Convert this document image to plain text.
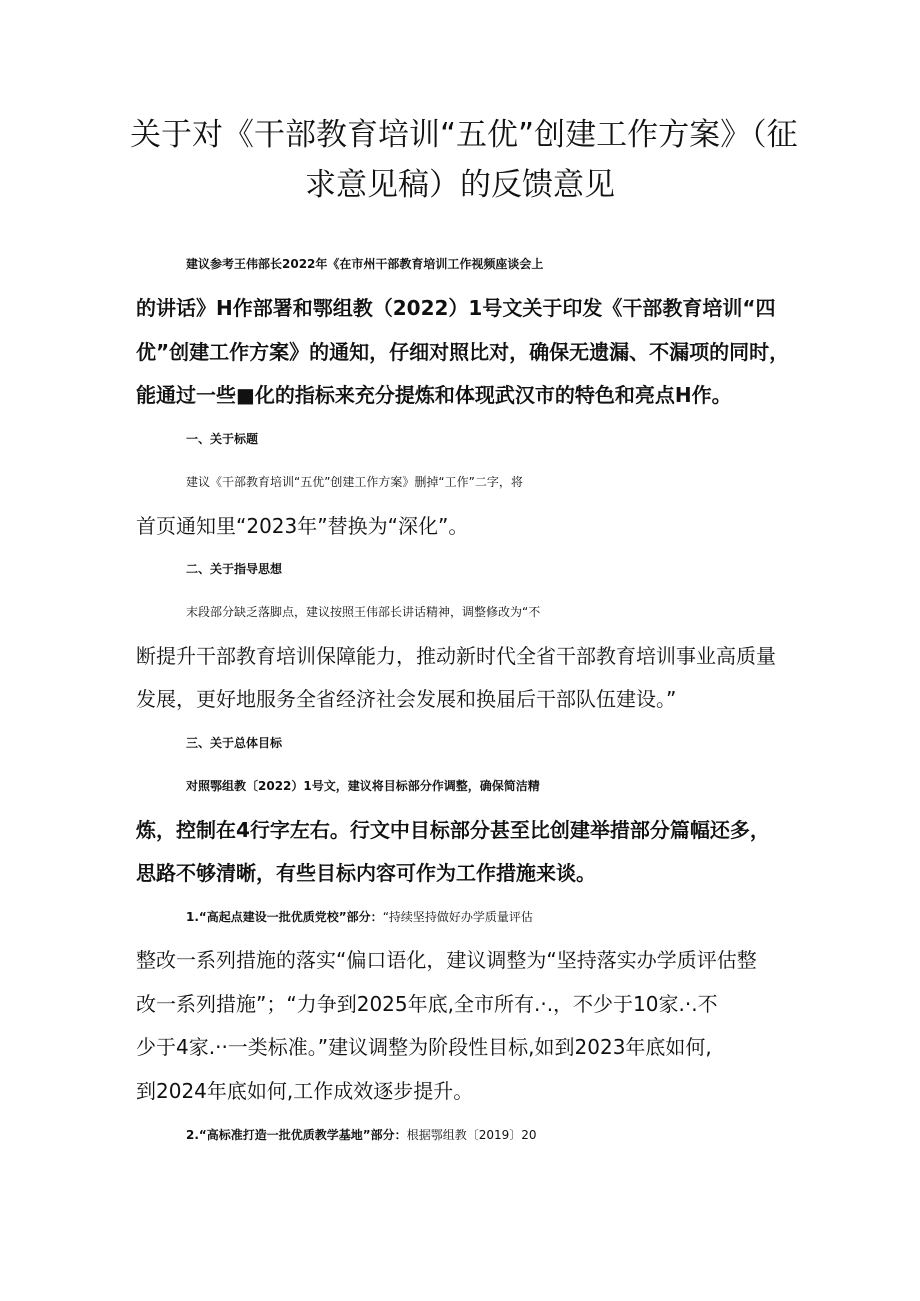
关于对《干部教育培训“五优”创建工作方案》（征
求意见稿）的反馈意见

建议参考王伟部长2022年《在市州干部教育培训工作视频座谈会上

的讲话》H作部署和鄂组教（2022）1号文关于印发《干部教育培训“四

优”创建工作方案》的通知，仔细对照比对，确保无遗漏、不漏项的同时，

能通过一些■化的指标来充分提炼和体现武汉市的特色和亮点H作。

一、关于标题

建议《干部教育培训“五优”创建工作方案》删掉“工作”二字，将

首页通知里“2023年”替换为“深化”。

二、关于指导思想

末段部分缺乏落脚点，建议按照王伟部长讲话精神，调整修改为“不

断提升干部教育培训保障能力，推动新时代全省干部教育培训事业高质量

发展，更好地服务全省经济社会发展和换届后干部队伍建设。”

三、关于总体目标

对照鄂组教〔2022）1号文，建议将目标部分作调整，确保简洁精

炼，控制在4行字左右。行文中目标部分甚至比创建举措部分篇幅还多，

思路不够清晰，有些目标内容可作为工作措施来谈。

1.“高起点建设一批优质党校”部分：“持续坚持做好办学质量评估

整改一系列措施的落实“偏口语化，建议调整为“坚持落实办学质评估整

改一系列措施”；“力争到2025年底,全市所有.·.，不少于10家.·.不

少于4家.··一类标准。”建议调整为阶段性目标,如到2023年底如何,

到2024年底如何,工作成效逐步提升。

2.“高标准打造一批优质教学基地”部分：根据鄂组教〔2019〕20
